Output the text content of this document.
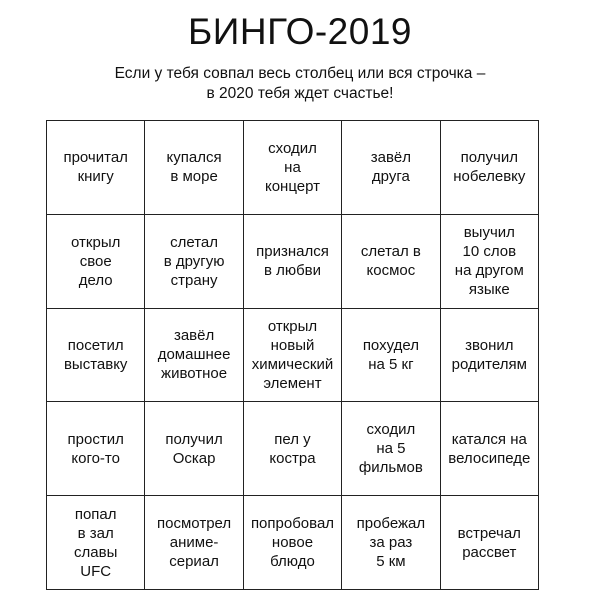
БИНГО-2019
Если у тебя совпал весь столбец или вся строчка –
в 2020 тебя ждет счастье!
прочитал
книгу
купался
в море
сходил
на
концерт
завёл
друга
получил
нобелевку
открыл
свое
дело
слетал
в другую
страну
признался
в любви
слетал в
космос
выучил
10 слов
на другом
языке
посетил
выставку
завёл
домашнее
животное
открыл
новый
химический
элемент
похудел
на 5 кг
звонил
родителям
простил
кого-то
получил
Оскар
пел у
костра
сходил
на 5
фильмов
катался на
велосипеде
попал
в зал
славы
UFC
посмотрел
аниме-
сериал
попробовал
новое
блюдо
пробежал
за раз
5 км
встречал
рассвет
